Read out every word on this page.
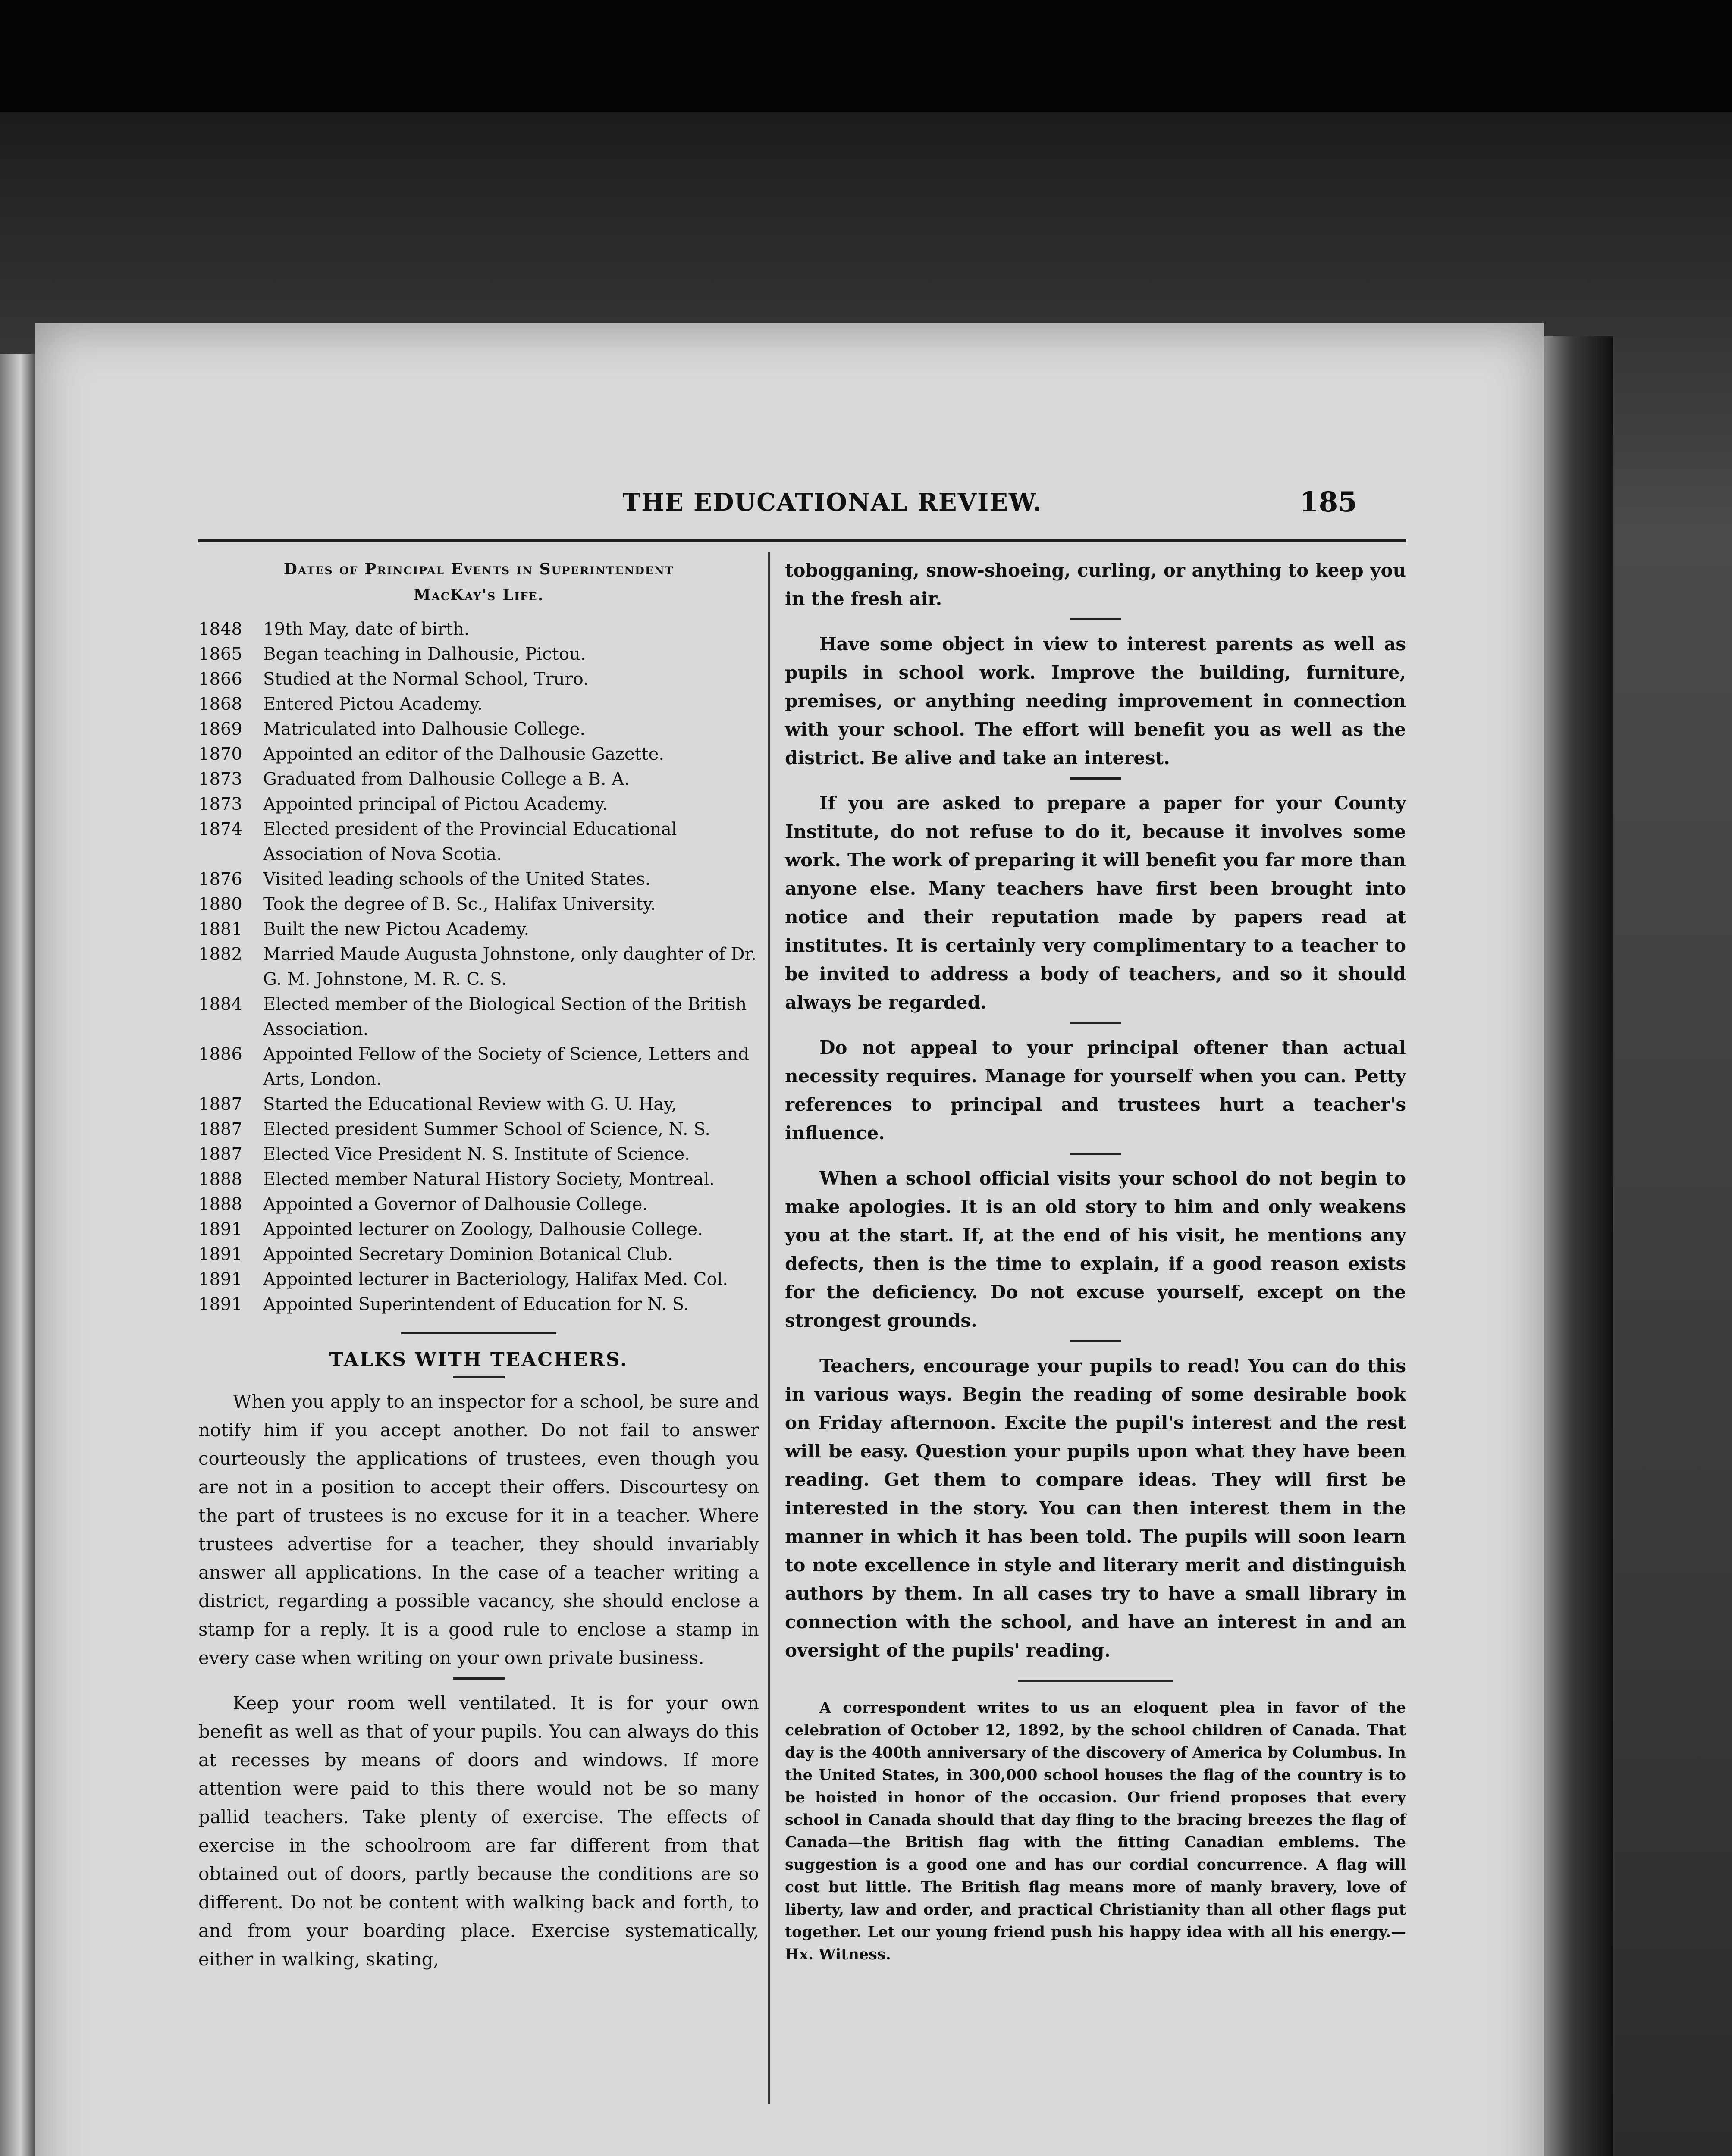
THE EDUCATIONAL REVIEW.	185
Dates of Principal Events in Superintendent
MacKay's Life.
1848	19th May, date of birth.
1865	Began teaching in Dalhousie, Pictou.
1866	Studied at the Normal School, Truro.
1868	Entered Pictou Academy.
1869	Matriculated into Dalhousie College.
1870	Appointed an editor of the Dalhousie Gazette.
1873	Graduated from Dalhousie College a B. A.
1873	Appointed principal of Pictou Academy.
1874	Elected president of the Provincial Educational Association of Nova Scotia.
1876	Visited leading schools of the United States.
1880	Took the degree of B. Sc., Halifax University.
1881	Built the new Pictou Academy.
1882	Married Maude Augusta Johnstone, only daughter of Dr. G. M. Johnstone, M. R. C. S.
1884	Elected member of the Biological Section of the British Association.
1886	Appointed Fellow of the Society of Science, Letters and Arts, London.
1887	Started the Educational Review with G. U. Hay,
1887	Elected president Summer School of Science, N. S.
1887	Elected Vice President N. S. Institute of Science.
1888	Elected member Natural History Society, Montreal.
1888	Appointed a Governor of Dalhousie College.
1891	Appointed lecturer on Zoology, Dalhousie College.
1891	Appointed Secretary Dominion Botanical Club.
1891	Appointed lecturer in Bacteriology, Halifax Med. Col.
1891	Appointed Superintendent of Education for N. S.
TALKS WITH TEACHERS.

When you apply to an inspector for a school, be sure and notify him if you accept another. Do not fail to answer courteously the applications of trustees, even though you are not in a position to accept their offers. Discourtesy on the part of trustees is no excuse for it in a teacher. Where trustees advertise for a teacher, they should invariably answer all applications. In the case of a teacher writing a district, regarding a possible vacancy, she should enclose a stamp for a reply. It is a good rule to enclose a stamp in every case when writing on your own private business.

Keep your room well ventilated. It is for your own benefit as well as that of your pupils. You can always do this at recesses by means of doors and windows. If more attention were paid to this there would not be so many pallid teachers. Take plenty of exercise. The effects of exercise in the schoolroom are far different from that obtained out of doors, partly because the conditions are so different. Do not be content with walking back and forth, to and from your boarding place. Exercise systematically, either in walking, skating,

tobogganing, snow-shoeing, curling, or anything to keep you in the fresh air.

Have some object in view to interest parents as well as pupils in school work. Improve the building, furniture, premises, or anything needing improvement in connection with your school. The effort will benefit you as well as the district. Be alive and take an interest.

If you are asked to prepare a paper for your County Institute, do not refuse to do it, because it involves some work. The work of preparing it will benefit you far more than anyone else. Many teachers have first been brought into notice and their reputation made by papers read at institutes. It is certainly very complimentary to a teacher to be invited to address a body of teachers, and so it should always be regarded.

Do not appeal to your principal oftener than actual necessity requires. Manage for yourself when you can. Petty references to principal and trustees hurt a teacher's influence.

When a school official visits your school do not begin to make apologies. It is an old story to him and only weakens you at the start. If, at the end of his visit, he mentions any defects, then is the time to explain, if a good reason exists for the deficiency. Do not excuse yourself, except on the strongest grounds.

Teachers, encourage your pupils to read! You can do this in various ways. Begin the reading of some desirable book on Friday afternoon. Excite the pupil's interest and the rest will be easy. Question your pupils upon what they have been reading. Get them to compare ideas. They will first be interested in the story. You can then interest them in the manner in which it has been told. The pupils will soon learn to note excellence in style and literary merit and distinguish authors by them. In all cases try to have a small library in connection with the school, and have an interest in and an oversight of the pupils' reading.

A correspondent writes to us an eloquent plea in favor of the celebration of October 12, 1892, by the school children of Canada. That day is the 400th anniversary of the discovery of America by Columbus. In the United States, in 300,000 school houses the flag of the country is to be hoisted in honor of the occasion. Our friend proposes that every school in Canada should that day fling to the bracing breezes the flag of Canada—the British flag with the fitting Canadian emblems. The suggestion is a good one and has our cordial concurrence. A flag will cost but little. The British flag means more of manly bravery, love of liberty, law and order, and practical Christianity than all other flags put together. Let our young friend push his happy idea with all his energy.—Hx. Witness.
